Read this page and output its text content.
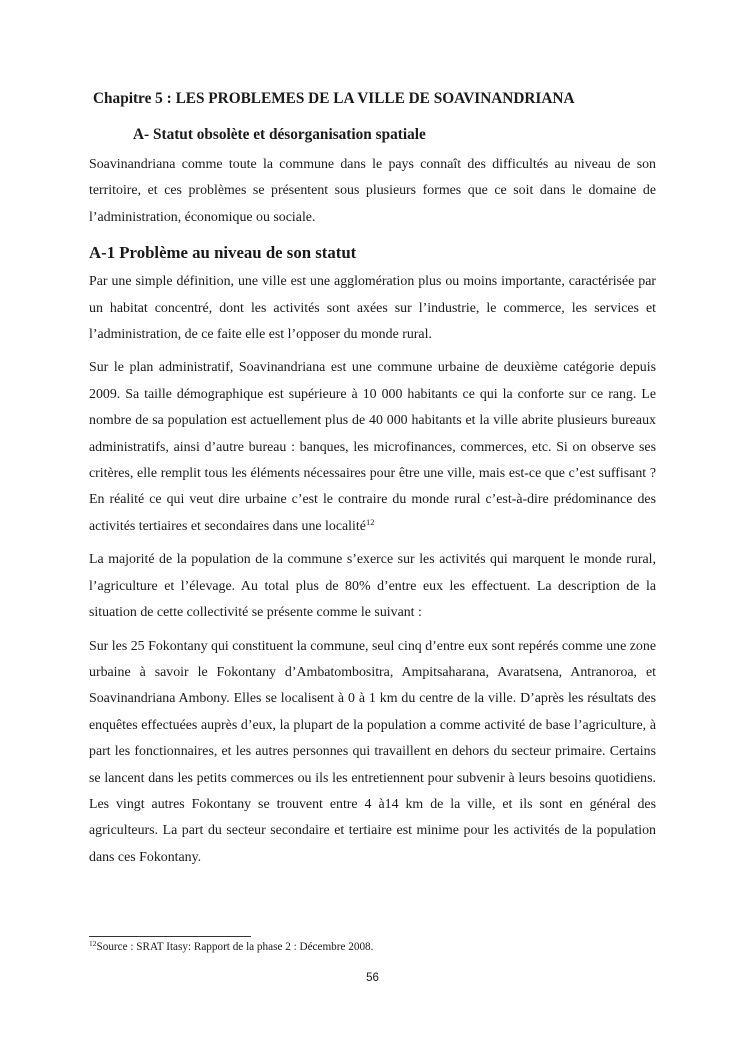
Chapitre 5 : LES PROBLEMES DE LA VILLE DE SOAVINANDRIANA
A- Statut obsolète et désorganisation spatiale

Soavinandriana comme toute la commune dans le pays connaît des difficultés au niveau de son territoire, et ces problèmes se présentent sous plusieurs formes que ce soit dans le domaine de l’administration, économique ou sociale.

A-1 Problème au niveau de son statut

Par une simple définition, une ville est une agglomération plus ou moins importante, caractérisée par un habitat concentré, dont les activités sont axées sur l’industrie, le commerce, les services et l’administration, de ce faite elle est l’opposer du monde rural.

Sur le plan administratif, Soavinandriana est une commune urbaine de deuxième catégorie depuis 2009. Sa taille démographique est supérieure à 10 000 habitants ce qui la conforte sur ce rang. Le nombre de sa population est actuellement plus de 40 000 habitants et la ville abrite plusieurs bureaux administratifs, ainsi d’autre bureau : banques, les microfinances, commerces, etc. Si on observe ses critères, elle remplit tous les éléments nécessaires pour être une ville, mais est-ce que c’est suffisant ? En réalité ce qui veut dire urbaine c’est le contraire du monde rural c’est-à-dire prédominance des activités tertiaires et secondaires dans une localité$^{12}$

La majorité de la population de la commune s’exerce sur les activités qui marquent le monde rural, l’agriculture et l’élevage. Au total plus de 80% d’entre eux les effectuent. La description de la situation de cette collectivité se présente comme le suivant :

Sur les 25 Fokontany qui constituent la commune, seul cinq d’entre eux sont repérés comme une zone urbaine à savoir le Fokontany d’Ambatombositra, Ampitsaharana, Avaratsena, Antranoroa, et Soavinandriana Ambony. Elles se localisent à 0 à 1 km du centre de la ville. D’après les résultats des enquêtes effectuées auprès d’eux, la plupart de la population a comme activité de base l’agriculture, à part les fonctionnaires, et les autres personnes qui travaillent en dehors du secteur primaire. Certains se lancent dans les petits commerces ou ils les entretiennent pour subvenir à leurs besoins quotidiens. Les vingt autres Fokontany se trouvent entre 4 à14 km de la ville, et ils sont en général des agriculteurs. La part du secteur secondaire et tertiaire est minime pour les activités de la population dans ces Fokontany.

$^{12}$Source : SRAT Itasy: Rapport de la phase 2 : Décembre 2008.
56
